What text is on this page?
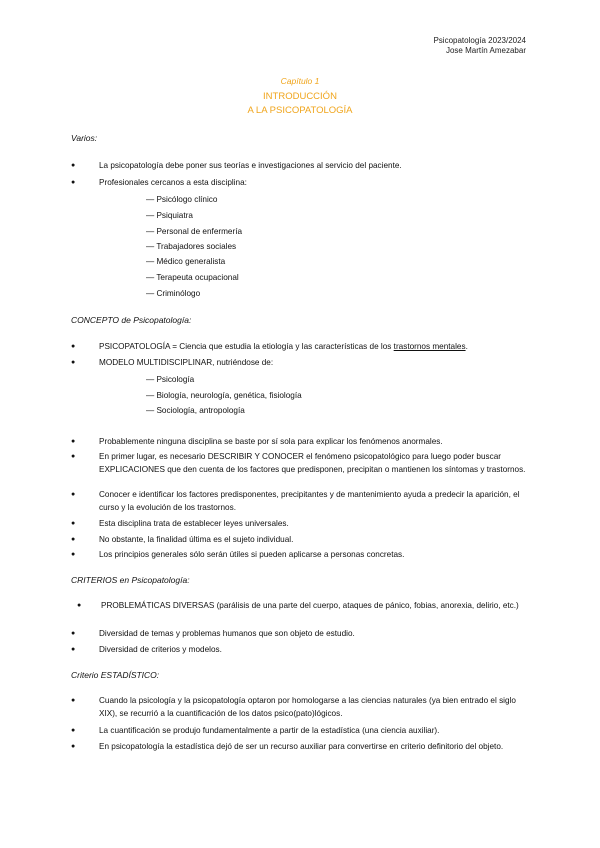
Psicopatología 2023/2024
Jose Martín Amezabar
Capítulo 1
INTRODUCCIÓN
A LA PSICOPATOLOGÍA
Varios:
●	La psicopatología debe poner sus teorías e investigaciones al servicio del paciente.
●	Profesionales cercanos a esta disciplina:
— Psicólogo clínico
— Psiquiatra
— Personal de enfermería
— Trabajadores sociales
— Médico generalista
— Terapeuta ocupacional
— Criminólogo
CONCEPTO de Psicopatología:
●	PSICOPATOLOGÍA = Ciencia que estudia la etiología y las características de los trastornos mentales.
●	MODELO MULTIDISCIPLINAR, nutriéndose de:
— Psicología
— Biología, neurología, genética, fisiología
— Sociología, antropología
●	Probablemente ninguna disciplina se baste por sí sola para explicar los fenómenos anormales.
●	En primer lugar, es necesario DESCRIBIR Y CONOCER el fenómeno psicopatológico para luego poder buscar EXPLICACIONES que den cuenta de los factores que predisponen, precipitan o mantienen los síntomas y trastornos.
●	Conocer e identificar los factores predisponentes, precipitantes y de mantenimiento ayuda a predecir la aparición, el curso y la evolución de los trastornos.
●	Esta disciplina trata de establecer leyes universales.
●	No obstante, la finalidad última es el sujeto individual.
●	Los principios generales sólo serán útiles si pueden aplicarse a personas concretas.
CRITERIOS en Psicopatología:
● PROBLEMÁTICAS DIVERSAS (parálisis de una parte del cuerpo, ataques de pánico, fobias, anorexia, delirio, etc.)
●	Diversidad de temas y problemas humanos que son objeto de estudio.
●	Diversidad de criterios y modelos.
Criterio ESTADÍSTICO:
●	Cuando la psicología y la psicopatología optaron por homologarse a las ciencias naturales (ya bien entrado el siglo XIX), se recurrió a la cuantificación de los datos psico(pato)lógicos.
●	La cuantificación se produjo fundamentalmente a partir de la estadística (una ciencia auxiliar).
●	En psicopatología la estadística dejó de ser un recurso auxiliar para convertirse en criterio definitorio del objeto.
